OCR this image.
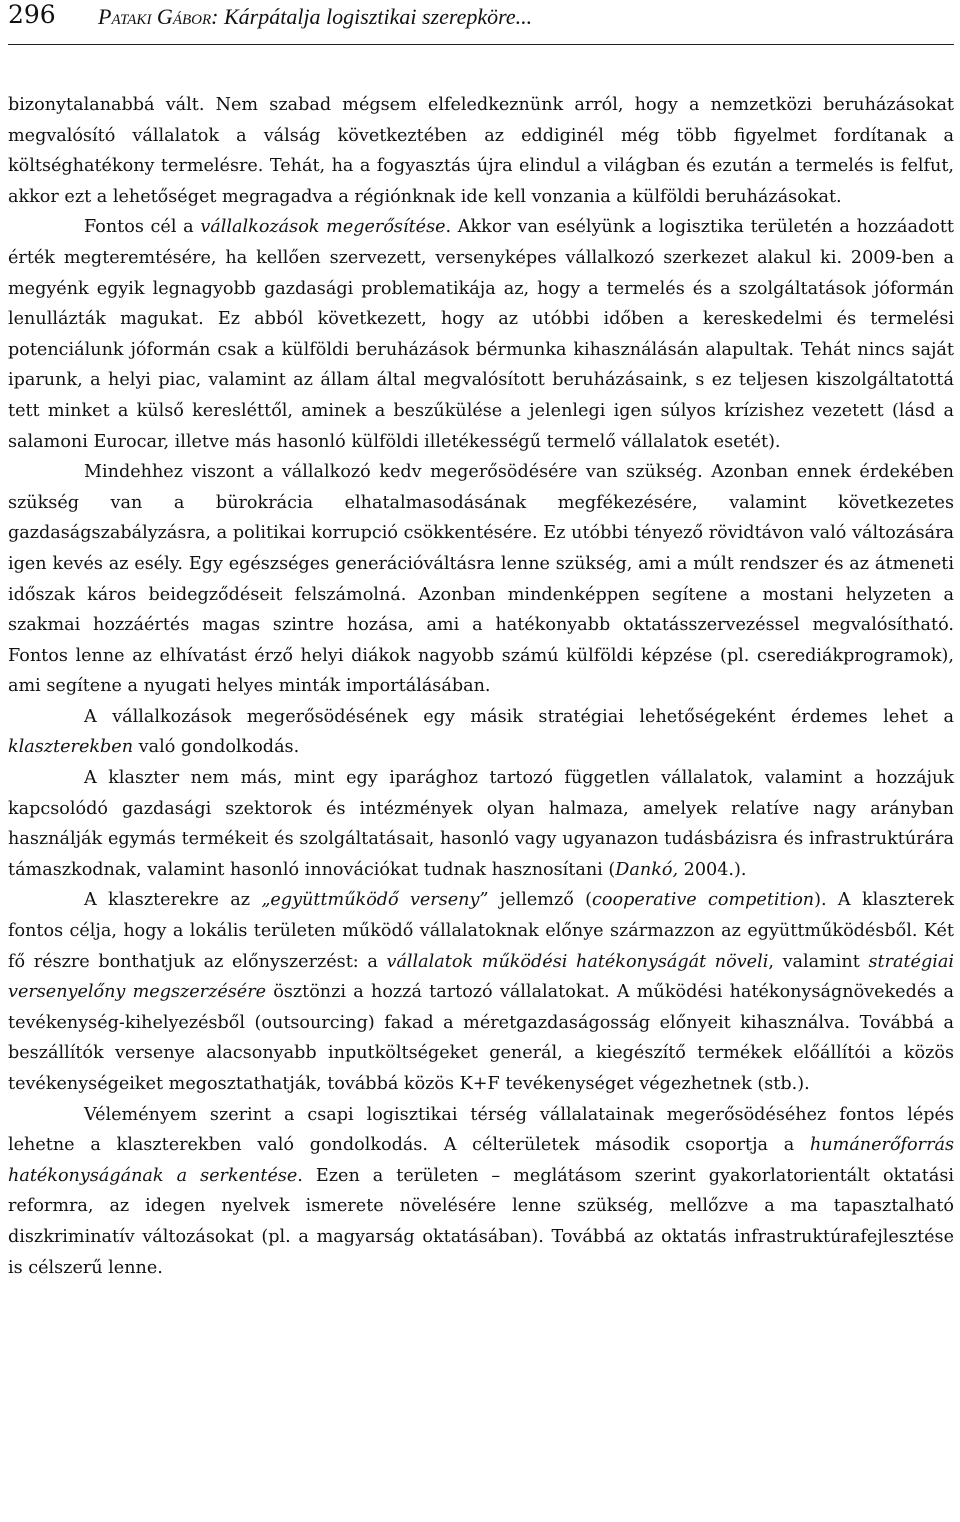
296 Pataki Gábor: Kárpátalja logisztikai szerepköre...

bizonytalanabbá vált. Nem szabad mégsem elfeledkeznünk arról, hogy a nemzetközi beruházásokat megvalósító vállalatok a válság következtében az eddiginél még több figyelmet fordítanak a költséghatékony termelésre. Tehát, ha a fogyasztás újra elindul a világban és ezután a termelés is felfut, akkor ezt a lehetőséget megragadva a régiónknak ide kell vonzania a külföldi beruházásokat.

Fontos cél a vállalkozások megerősítése. Akkor van esélyünk a logisztika területén a hozzáadott érték megteremtésére, ha kellően szervezett, versenyképes vállalkozó szerkezet alakul ki. 2009-ben a megyénk egyik legnagyobb gazdasági problematikája az, hogy a termelés és a szolgáltatások jóformán lenullázták magukat. Ez abból következett, hogy az utóbbi időben a kereskedelmi és termelési potenciálunk jóformán csak a külföldi beruházások bérmunka kihasználásán alapultak. Tehát nincs saját iparunk, a helyi piac, valamint az állam által megvalósított beruházásaink, s ez teljesen kiszolgáltatottá tett minket a külső keresléttől, aminek a beszűkülése a jelenlegi igen súlyos krízishez vezetett (lásd a salamoni Eurocar, illetve más hasonló külföldi illetékességű termelő vállalatok esetét).

Mindehhez viszont a vállalkozó kedv megerősödésére van szükség. Azonban ennek érdekében szükség van a bürokrácia elhatalmasodásának megfékezésére, valamint következetes gazdaságszabályzásra, a politikai korrupció csökkentésére. Ez utóbbi tényező rövidtávon való változására igen kevés az esély. Egy egészséges generációváltásra lenne szükség, ami a múlt rendszer és az átmeneti időszak káros beidegződéseit felszámolná. Azonban mindenképpen segítene a mostani helyzeten a szakmai hozzáértés magas szintre hozása, ami a hatékonyabb oktatásszervezéssel megvalósítható. Fontos lenne az elhívatást érző helyi diákok nagyobb számú külföldi képzése (pl. cserediákprogramok), ami segítene a nyugati helyes minták importálásában.

A vállalkozások megerősödésének egy másik stratégiai lehetőségeként érdemes lehet a klaszterekben való gondolkodás.

A klaszter nem más, mint egy iparághoz tartozó független vállalatok, valamint a hozzájuk kapcsolódó gazdasági szektorok és intézmények olyan halmaza, amelyek relatíve nagy arányban használják egymás termékeit és szolgáltatásait, hasonló vagy ugyanazon tudásbázisra és infrastruktúrára támaszkodnak, valamint hasonló innovációkat tudnak hasznosítani (Dankó, 2004.).

A klaszterekre az „együttműködő verseny” jellemző (cooperative competition). A klaszterek fontos célja, hogy a lokális területen működő vállalatoknak előnye származzon az együttműködésből. Két fő részre bonthatjuk az előnyszerzést: a vállalatok működési hatékonyságát növeli, valamint stratégiai versenyelőny megszerzésére ösztönzi a hozzá tartozó vállalatokat. A működési hatékonyságnövekedés a tevékenység-kihelyezésből (outsourcing) fakad a méretgazdaságosság előnyeit kihasználva. Továbbá a beszállítók versenye alacsonyabb inputköltségeket generál, a kiegészítő termékek előállítói a közös tevékenységeiket megosztathatják, továbbá közös K+F tevékenységet végezhetnek (stb.).

Véleményem szerint a csapi logisztikai térség vállalatainak megerősödéséhez fontos lépés lehetne a klaszterekben való gondolkodás. A célterületek második csoportja a humánerőforrás hatékonyságának a serkentése. Ezen a területen – meglátásom szerint gyakorlatorientált oktatási reformra, az idegen nyelvek ismerete növelésére lenne szükség, mellőzve a ma tapasztalható diszkriminatív változásokat (pl. a magyarság oktatásában). Továbbá az oktatás infrastruktúrafejlesztése is célszerű lenne.
